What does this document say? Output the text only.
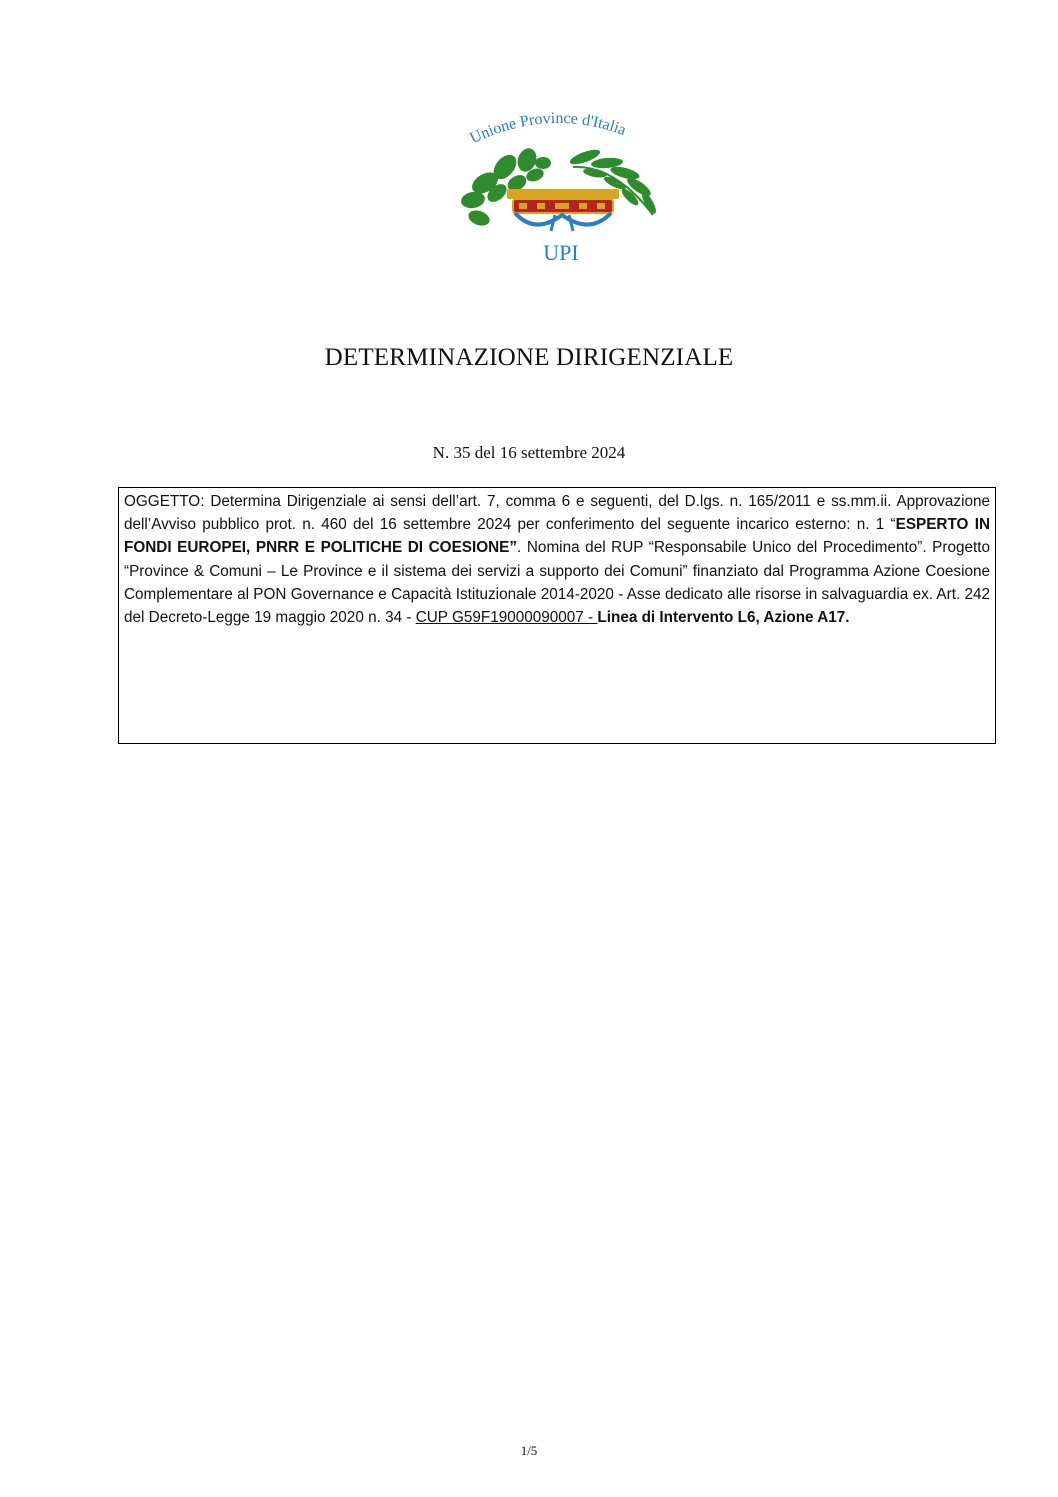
Unione Province d'Italia
UPI
DETERMINAZIONE DIRIGENZIALE
N. 35 del 16 settembre 2024
OGGETTO: Determina Dirigenziale ai sensi dell’art. 7, comma 6 e seguenti, del D.lgs. n. 165/2011 e ss.mm.ii. Approvazione dell’Avviso pubblico prot. n. 460 del 16 settembre 2024 per conferimento del seguente incarico esterno: n. 1 “ESPERTO IN FONDI EUROPEI, PNRR E POLITICHE DI COESIONE”. Nomina del RUP “Responsabile Unico del Procedimento”. Progetto “Province & Comuni – Le Province e il sistema dei servizi a supporto dei Comuni” finanziato dal Programma Azione Coesione Complementare al PON Governance e Capacità Istituzionale 2014-2020 - Asse dedicato alle risorse in salvaguardia ex. Art. 242 del Decreto-Legge 19 maggio 2020 n. 34 - CUP G59F19000090007 - Linea di Intervento L6, Azione A17.
1/5
